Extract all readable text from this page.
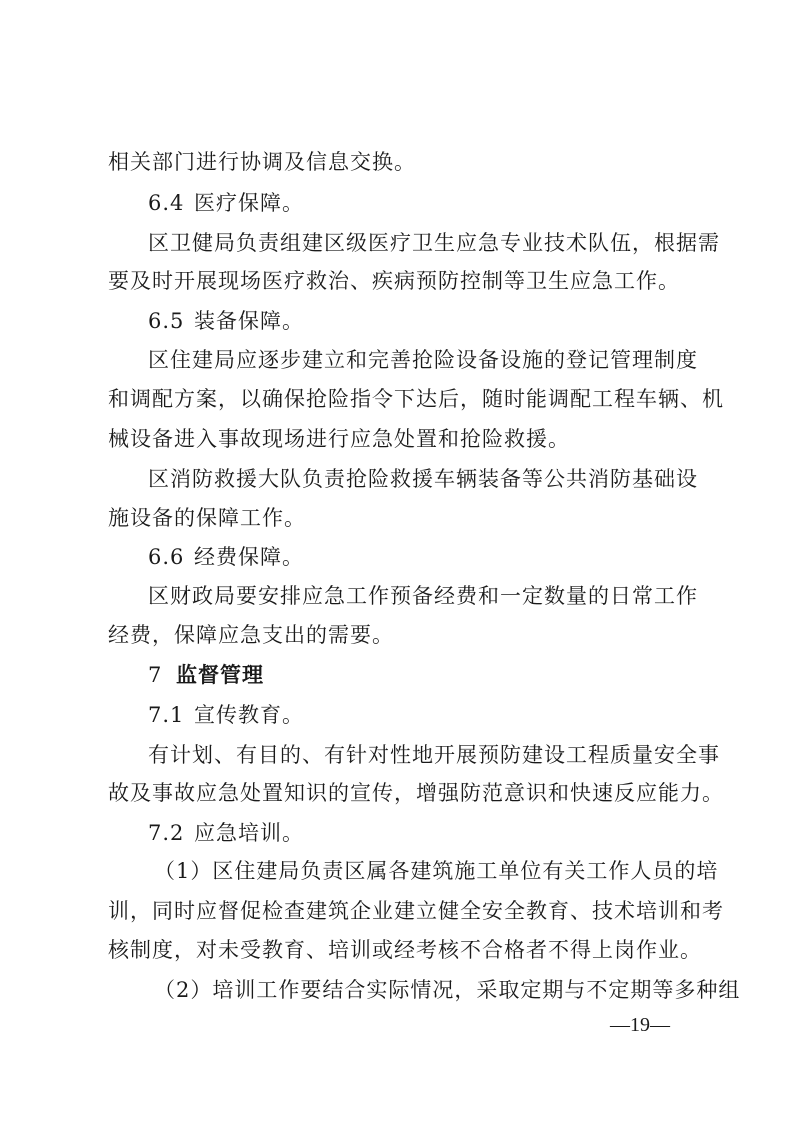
相关部门进行协调及信息交换。
6.4 医疗保障。
区卫健局负责组建区级医疗卫生应急专业技术队伍，根据需
要及时开展现场医疗救治、疾病预防控制等卫生应急工作。
6.5 装备保障。
区住建局应逐步建立和完善抢险设备设施的登记管理制度
和调配方案，以确保抢险指令下达后，随时能调配工程车辆、机
械设备进入事故现场进行应急处置和抢险救援。
区消防救援大队负责抢险救援车辆装备等公共消防基础设
施设备的保障工作。
6.6 经费保障。
区财政局要安排应急工作预备经费和一定数量的日常工作
经费，保障应急支出的需要。
7 监督管理
7.1 宣传教育。
有计划、有目的、有针对性地开展预防建设工程质量安全事
故及事故应急处置知识的宣传，增强防范意识和快速反应能力。
7.2 应急培训。
（1）区住建局负责区属各建筑施工单位有关工作人员的培
训，同时应督促检查建筑企业建立健全安全教育、技术培训和考
核制度，对未受教育、培训或经考核不合格者不得上岗作业。
（2）培训工作要结合实际情况，采取定期与不定期等多种组
—19—
